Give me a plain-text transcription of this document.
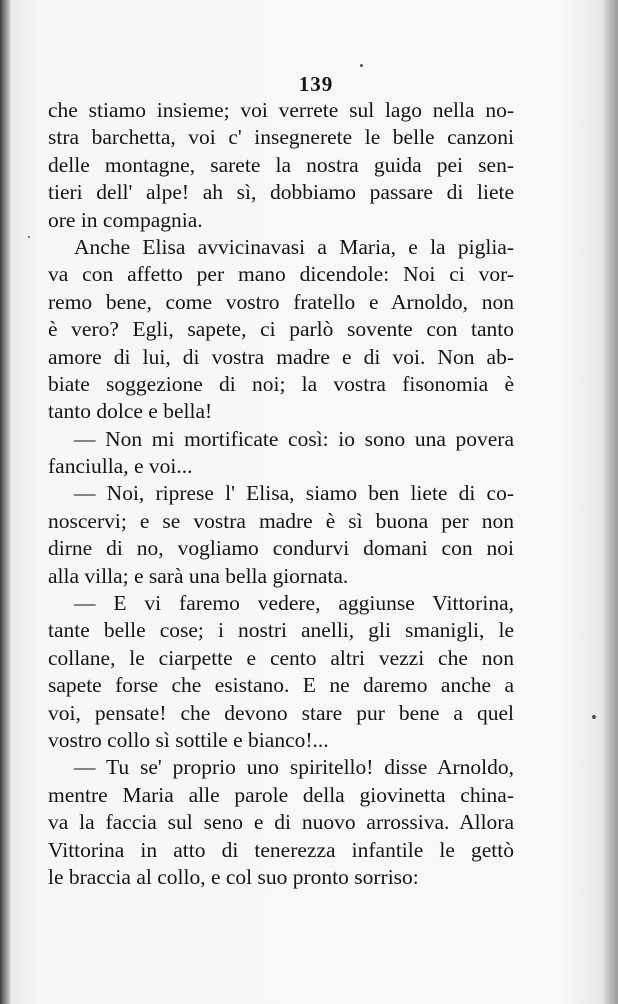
139
che stiamo insieme; voi verrete sul lago nella no-
stra barchetta, voi c' insegnerete le belle canzoni
delle montagne, sarete la nostra guida pei sen-
tieri dell' alpe! ah sì, dobbiamo passare di liete
ore in compagnia.
Anche Elisa avvicinavasi a Maria, e la piglia-
va con affetto per mano dicendole: Noi ci vor-
remo bene, come vostro fratello e Arnoldo, non
è vero? Egli, sapete, ci parlò sovente con tanto
amore di lui, di vostra madre e di voi. Non ab-
biate soggezione di noi; la vostra fisonomia è
tanto dolce e bella!
— Non mi mortificate così: io sono una povera
fanciulla, e voi...
— Noi, riprese l' Elisa, siamo ben liete di co-
noscervi; e se vostra madre è sì buona per non
dirne di no, vogliamo condurvi domani con noi
alla villa; e sarà una bella giornata.
— E vi faremo vedere, aggiunse Vittorina,
tante belle cose; i nostri anelli, gli smanigli, le
collane, le ciarpette e cento altri vezzi che non
sapete forse che esistano. E ne daremo anche a
voi, pensate! che devono stare pur bene a quel
vostro collo sì sottile e bianco!...
— Tu se' proprio uno spiritello! disse Arnoldo,
mentre Maria alle parole della giovinetta china-
va la faccia sul seno e di nuovo arrossiva. Allora
Vittorina in atto di tenerezza infantile le gettò
le braccia al collo, e col suo pronto sorriso:
